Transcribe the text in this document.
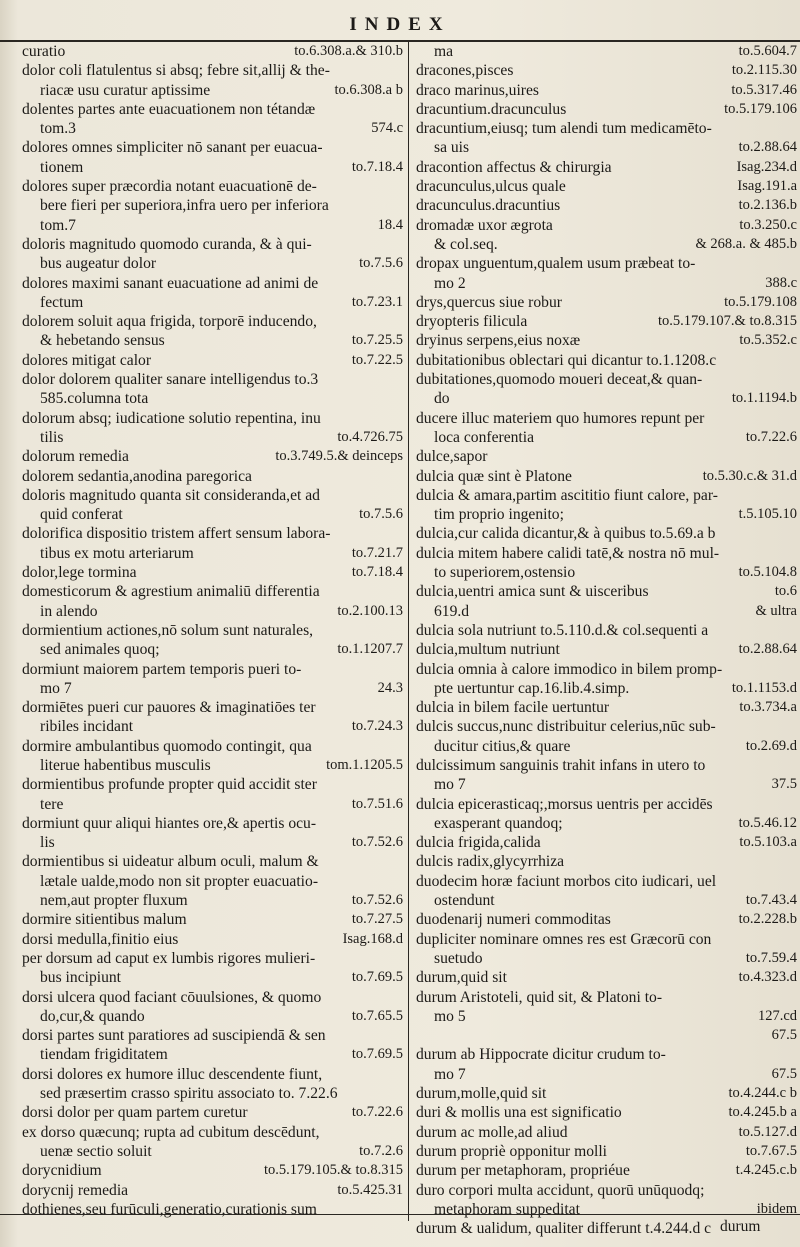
INDEX
to.6.308.a.& 310.b
curatio
dolor coli flatulentus si absq; febre sit,allij & the-
to.6.308.a b
riacæ usu curatur aptissime
dolentes partes ante euacuationem non tétandæ
574.c
tom.3
dolores omnes simpliciter nō sanant per euacua-
to.7.18.4
tionem
dolores super præcordia notant euacuationē de-
bere fieri per superiora,infra uero per inferiora
18.4
tom.7
doloris magnitudo quomodo curanda, & à qui-
to.7.5.6
bus augeatur dolor
dolores maximi sanant euacuatione ad animi de
to.7.23.1
fectum
dolorem soluit aqua frigida, torporē inducendo,
to.7.25.5
& hebetando sensus
to.7.22.5
dolores mitigat calor
dolor dolorem qualiter sanare intelligendus to.3
585.columna tota
dolorum absq; iudicatione solutio repentina, inu
to.4.726.75
tilis
to.3.749.5.& deinceps
dolorum remedia
dolorem sedantia,anodina paregorica
doloris magnitudo quanta sit consideranda,et ad
to.7.5.6
quid conferat
dolorifica dispositio tristem affert sensum labora-
to.7.21.7
tibus ex motu arteriarum
to.7.18.4
dolor,lege tormina
domesticorum & agrestium animaliū differentia
to.2.100.13
in alendo
dormientium actiones,nō solum sunt naturales,
to.1.1207.7
sed animales quoq;
dormiunt maiorem partem temporis pueri to-
24.3
mo 7
dormiētes pueri cur pauores & imaginatiōes ter
to.7.24.3
ribiles incidant
dormire ambulantibus quomodo contingit, qua
tom.1.1205.5
literue habentibus musculis
dormientibus profunde propter quid accidit ster
to.7.51.6
tere
dormiunt quur aliqui hiantes ore,& apertis ocu-
to.7.52.6
lis
dormientibus si uideatur album oculi, malum &
lætale ualde,modo non sit propter euacuatio-
to.7.52.6
nem,aut propter fluxum
to.7.27.5
dormire sitientibus malum
Isag.168.d
dorsi medulla,finitio eius
per dorsum ad caput ex lumbis rigores mulieri-
to.7.69.5
bus incipiunt
dorsi ulcera quod faciant cōuulsiones, & quomo
to.7.65.5
do,cur,& quando
dorsi partes sunt paratiores ad suscipiendā & sen
to.7.69.5
tiendam frigiditatem
dorsi dolores ex humore illuc descendente fiunt,
sed præsertim crasso spiritu associato to. 7.22.6
to.7.22.6
dorsi dolor per quam partem curetur
ex dorso quæcunq; rupta ad cubitum descēdunt,
to.7.2.6
uenæ sectio soluit
to.5.179.105.& to.8.315
dorycnidium
to.5.425.31
dorycnij remedia
dothienes,seu furūculi,generatio,curationis sum
to.5.604.7
ma
to.2.115.30
dracones,pisces
to.5.317.46
draco marinus,uires
to.5.179.106
dracuntium.dracunculus
dracuntium,eiusq; tum alendi tum medicamēto-
to.2.88.64
sa uis
Isag.234.d
dracontion affectus & chirurgia
Isag.191.a
dracunculus,ulcus quale
to.2.136.b
dracunculus.dracuntius
to.3.250.c
dromadæ uxor ægrota
& 268.a. & 485.b
& col.seq.
dropax unguentum,qualem usum præbeat to-
388.c
mo 2
to.5.179.108
drys,quercus siue robur
to.5.179.107.& to.8.315
dryopteris filicula
to.5.352.c
dryinus serpens,eius noxæ
dubitationibus oblectari qui dicantur to.1.1208.c
dubitationes,quomodo moueri deceat,& quan-
to.1.1194.b
do
ducere illuc materiem quo humores repunt per
to.7.22.6
loca conferentia
dulce,sapor
to.5.30.c.& 31.d
dulcia quæ sint è Platone
dulcia & amara,partim ascititio fiunt calore, par-
t.5.105.10
tim proprio ingenito;
dulcia,cur calida dicantur,& à quibus to.5.69.a b
dulcia mitem habere calidi tatē,& nostra nō mul-
to.5.104.8
to superiorem,ostensio
to.6
dulcia,uentri amica sunt & uisceribus
& ultra
619.d
dulcia sola nutriunt to.5.110.d.& col.sequenti a
to.2.88.64
dulcia,multum nutriunt
dulcia omnia à calore immodico in bilem promp-
to.1.1153.d
pte uertuntur cap.16.lib.4.simp.
to.3.734.a
dulcia in bilem facile uertuntur
dulcis succus,nunc distribuitur celerius,nūc sub-
to.2.69.d
ducitur citius,& quare
dulcissimum sanguinis trahit infans in utero to
37.5
mo 7
dulcia epicerasticaq;,morsus uentris per accidēs
to.5.46.12
exasperant quandoq;
to.5.103.a
dulcia frigida,calida
dulcis radix,glycyrrhiza
duodecim horæ faciunt morbos cito iudicari, uel
to.7.43.4
ostendunt
to.2.228.b
duodenarij numeri commoditas
dupliciter nominare omnes res est Græcorū con
to.7.59.4
suetudo
to.4.323.d
durum,quid sit
durum Aristoteli, quid sit, & Platoni to-
127.cd
mo 5
67.5
durum ab Hippocrate dicitur crudum to-
67.5
mo 7
to.4.244.c b
durum,molle,quid sit
to.4.245.b a
duri & mollis una est significatio
to.5.127.d
durum ac molle,ad aliud
to.7.67.5
durum propriè opponitur molli
t.4.245.c.b
durum per metaphoram, propriéue
duro corpori multa accidunt, quorū unūquodq;
ibidem
metaphoram suppeditat
durum & ualidum, qualiter differunt t.4.244.d c durum
